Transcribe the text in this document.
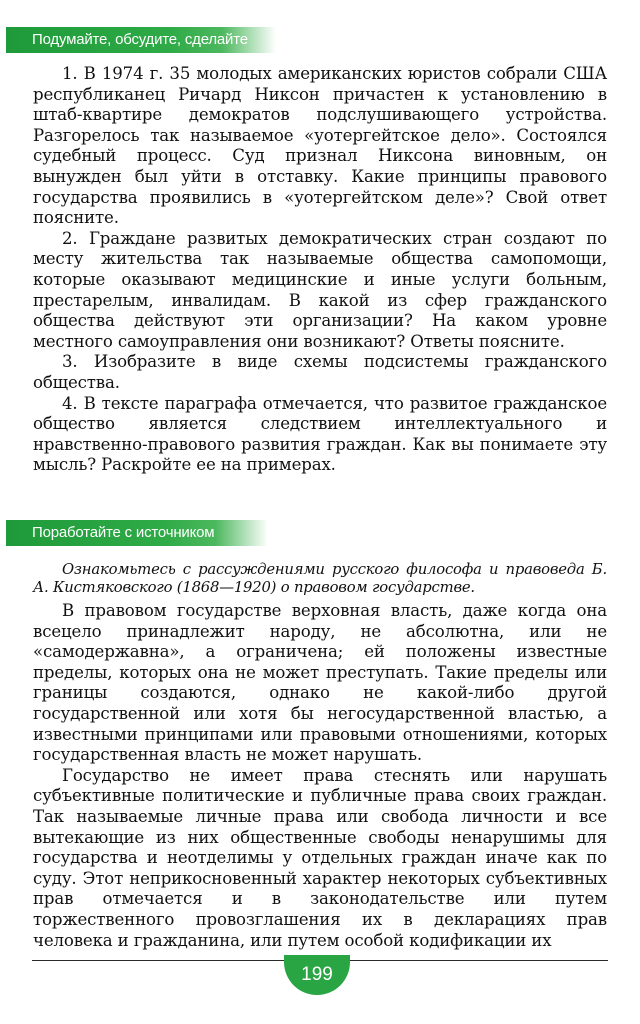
Подумайте, обсудите, сделайте

1. В 1974 г. 35 молодых американских юристов собрали США республиканец Ричард Никсон причастен к установлению в штаб-квартире демократов подслушивающего устройства. Разгорелось так называемое «уотергейтское дело». Состоялся судебный процесс. Суд признал Никсона виновным, он вынужден был уйти в отставку. Какие принципы правового государства проявились в «уотергейтском деле»? Свой ответ поясните.

2. Граждане развитых демократических стран создают по месту жительства так называемые общества самопомощи, которые оказывают медицинские и иные услуги больным, престарелым, инвалидам. В какой из сфер гражданского общества действуют эти организации? На каком уровне местного самоуправления они возникают? Ответы поясните.

3. Изобразите в виде схемы подсистемы гражданского общества.

4. В тексте параграфа отмечается, что развитое гражданское общество является следствием интеллектуального и нравственно-правового развития граждан. Как вы понимаете эту мысль? Раскройте ее на примерах.

Поработайте с источником

Ознакомьтесь с рассуждениями русского философа и правоведа Б. А. Кистяковского (1868—1920) о правовом государстве.

В правовом государстве верховная власть, даже когда она всецело принадлежит народу, не абсолютна, или не «самодержавна», а ограничена; ей положены известные пределы, которых она не может преступать. Такие пределы или границы создаются, однако не какой-либо другой государственной или хотя бы негосударственной властью, а известными принципами или правовыми отношениями, которых государственная власть не может нарушать.

Государство не имеет права стеснять или нарушать субъективные политические и публичные права своих граждан. Так называемые личные права или свобода личности и все вытекающие из них общественные свободы ненарушимы для государства и неотделимы у отдельных граждан иначе как по суду. Этот неприкосновенный характер некоторых субъективных прав отмечается и в законодательстве или путем торжественного провозглашения их в декларациях прав человека и гражданина, или путем особой кодификации их

199
